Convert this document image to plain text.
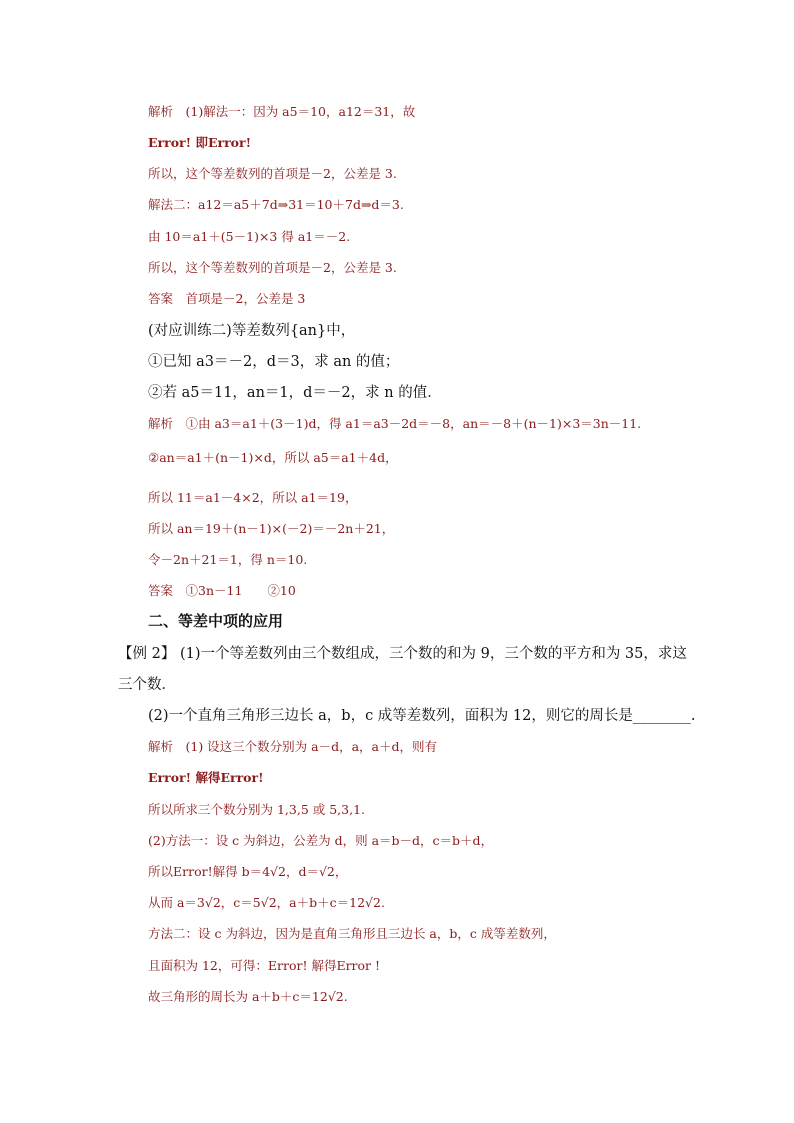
解析　(1)解法一：因为 a5＝10，a12＝31，故
Error! 即Error!
所以，这个等差数列的首项是－2，公差是 3.
解法二：a12＝a5＋7d⇒31＝10＋7d⇒d＝3.
由 10＝a1＋(5－1)×3 得 a1＝－2.
所以，这个等差数列的首项是－2，公差是 3.
答案　首项是－2，公差是 3
(对应训练二)等差数列{an}中，
①已知 a3＝－2，d＝3，求 an 的值；
②若 a5＝11，an＝1，d＝－2，求 n 的值．
解析　①由 a3＝a1＋(3－1)d，得 a1＝a3－2d＝－8，an＝－8＋(n－1)×3＝3n－11.
②an＝a1＋(n－1)×d，所以 a5＝a1＋4d，
所以 11＝a1－4×2，所以 a1＝19，
所以 an＝19＋(n－1)×(－2)＝－2n＋21，
令－2n＋21＝1，得 n＝10.
答案　①3n－11　　②10
二、等差中项的应用
【例 2】 (1)一个等差数列由三个数组成，三个数的和为 9，三个数的平方和为 35，求这
三个数．
(2)一个直角三角形三边长 a，b，c 成等差数列，面积为 12，则它的周长是________.
解析　(1) 设这三个数分别为 a－d，a，a＋d，则有
Error! 解得Error!
所以所求三个数分别为 1,3,5 或 5,3,1.
(2)方法一：设 c 为斜边，公差为 d，则 a＝b－d，c＝b＋d，
所以Error!解得 b＝4√2，d＝√2，
从而 a＝3√2，c＝5√2，a＋b＋c＝12√2.
方法二：设 c 为斜边，因为是直角三角形且三边长 a，b，c 成等差数列，
且面积为 12，可得：Error! 解得Error !
故三角形的周长为 a＋b＋c＝12√2.
